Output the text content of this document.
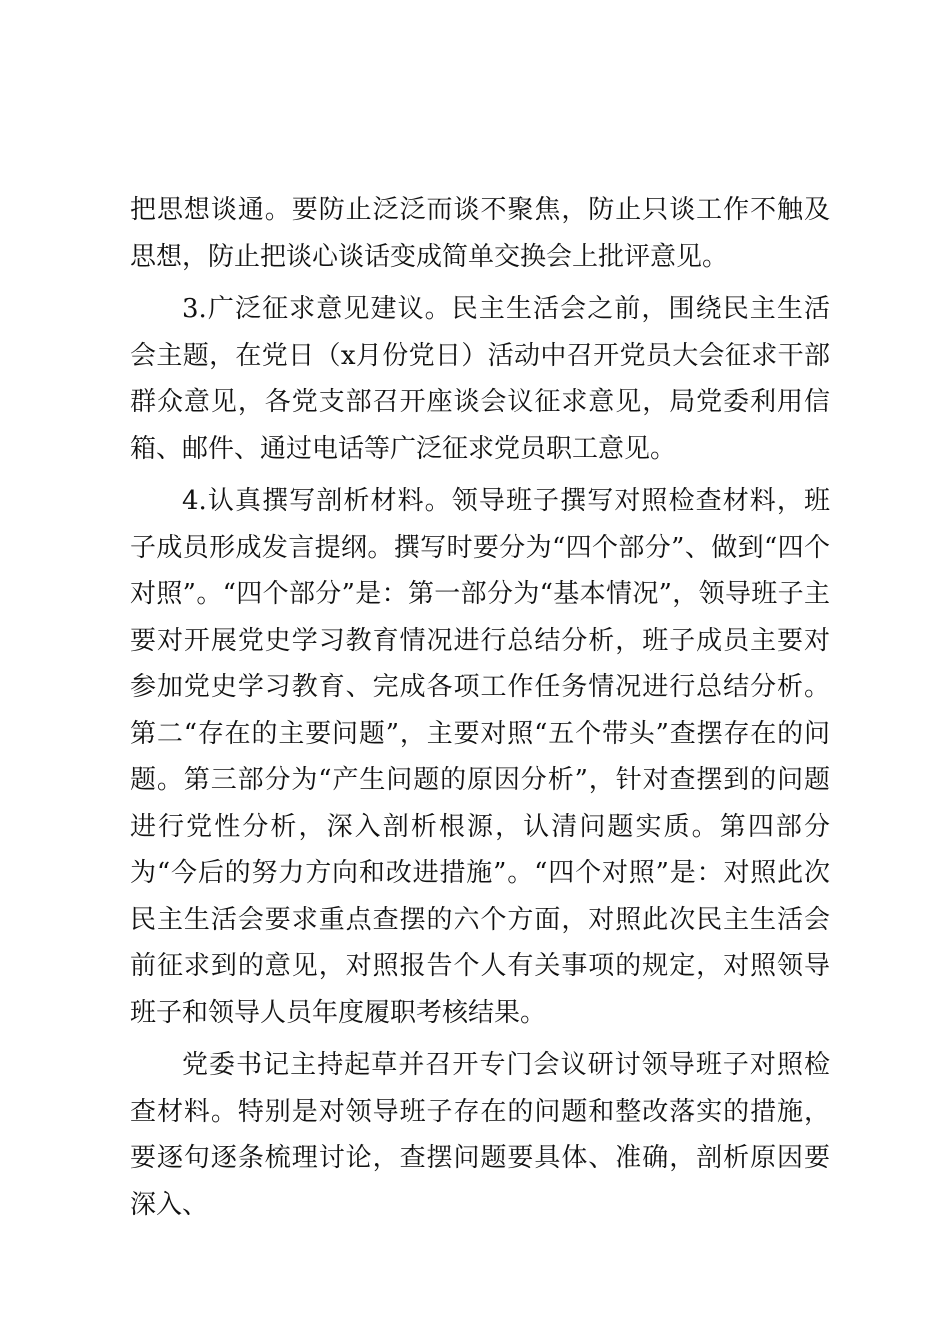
把思想谈通。要防止泛泛而谈不聚焦，防止只谈工作不触及思想，防止把谈心谈话变成简单交换会上批评意见。

3.广泛征求意见建议。民主生活会之前，围绕民主生活会主题，在党日（x月份党日）活动中召开党员大会征求干部群众意见，各党支部召开座谈会议征求意见，局党委利用信箱、邮件、通过电话等广泛征求党员职工意见。

4.认真撰写剖析材料。领导班子撰写对照检查材料，班子成员形成发言提纲。撰写时要分为“四个部分”、做到“四个对照”。“四个部分”是：第一部分为“基本情况”，领导班子主要对开展党史学习教育情况进行总结分析，班子成员主要对参加党史学习教育、完成各项工作任务情况进行总结分析。第二“存在的主要问题”，主要对照“五个带头”查摆存在的问题。第三部分为“产生问题的原因分析”，针对查摆到的问题进行党性分析，深入剖析根源，认清问题实质。第四部分为“今后的努力方向和改进措施”。“四个对照”是：对照此次民主生活会要求重点查摆的六个方面，对照此次民主生活会前征求到的意见，对照报告个人有关事项的规定，对照领导班子和领导人员年度履职考核结果。

党委书记主持起草并召开专门会议研讨领导班子对照检查材料。特别是对领导班子存在的问题和整改落实的措施，要逐句逐条梳理讨论，查摆问题要具体、准确，剖析原因要深入、
